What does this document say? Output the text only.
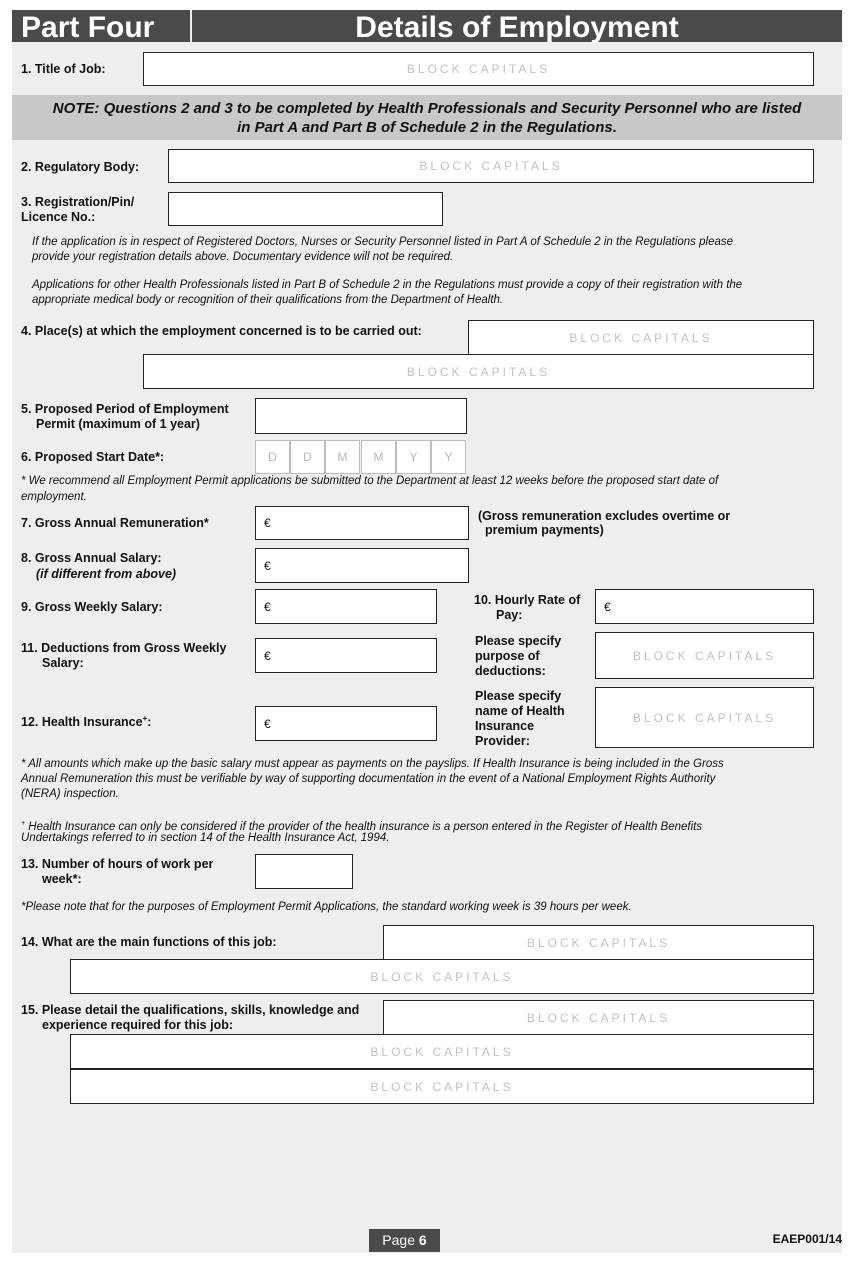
Part Four	Details of Employment
1. Title of Job:	BLOCK CAPITALS
NOTE: Questions 2 and 3 to be completed by Health Professionals and Security Personnel who are listed
in Part A and Part B of Schedule 2 in the Regulations.
2. Regulatory Body:	BLOCK CAPITALS
3. Registration/Pin/
Licence No.:
If the application is in respect of Registered Doctors, Nurses or Security Personnel listed in Part A of Schedule 2 in the Regulations please
provide your registration details above. Documentary evidence will not be required.
Applications for other Health Professionals listed in Part B of Schedule 2 in the Regulations must provide a copy of their registration with the
appropriate medical body or recognition of their qualifications from the Department of Health.
4. Place(s) at which the employment concerned is to be carried out:	BLOCK CAPITALS
BLOCK CAPITALS
5. Proposed Period of Employment
Permit (maximum of 1 year)
6. Proposed Start Date*:	D	D	M	M	Y	Y
* We recommend all Employment Permit applications be submitted to the Department at least 12 weeks before the proposed start date of
employment.
7. Gross Annual Remuneration*	€	(Gross remuneration excludes overtime or
premium payments)
8. Gross Annual Salary:
(if different from above)
€
9. Gross Weekly Salary:	€	10. Hourly Rate of
Pay:
€
11. Deductions from Gross Weekly
Salary:
€
Please specify
purpose of
deductions:
BLOCK CAPITALS
12. Health Insurance+:	€
Please specify
name of Health
Insurance
Provider:
BLOCK CAPITALS
* All amounts which make up the basic salary must appear as payments on the payslips. If Health Insurance is being included in the Gross
Annual Remuneration this must be verifiable by way of supporting documentation in the event of a National Employment Rights Authority
(NERA) inspection.
+ Health Insurance can only be considered if the provider of the health insurance is a person entered in the Register of Health Benefits
Undertakings referred to in section 14 of the Health Insurance Act, 1994.
13. Number of hours of work per
week*:
*Please note that for the purposes of Employment Permit Applications, the standard working week is 39 hours per week.
14. What are the main functions of this job:	BLOCK CAPITALS
BLOCK CAPITALS
15. Please detail the qualifications, skills, knowledge and
experience required for this job:
BLOCK CAPITALS
BLOCK CAPITALS
BLOCK CAPITALS
Page 6	EAEP001/14
